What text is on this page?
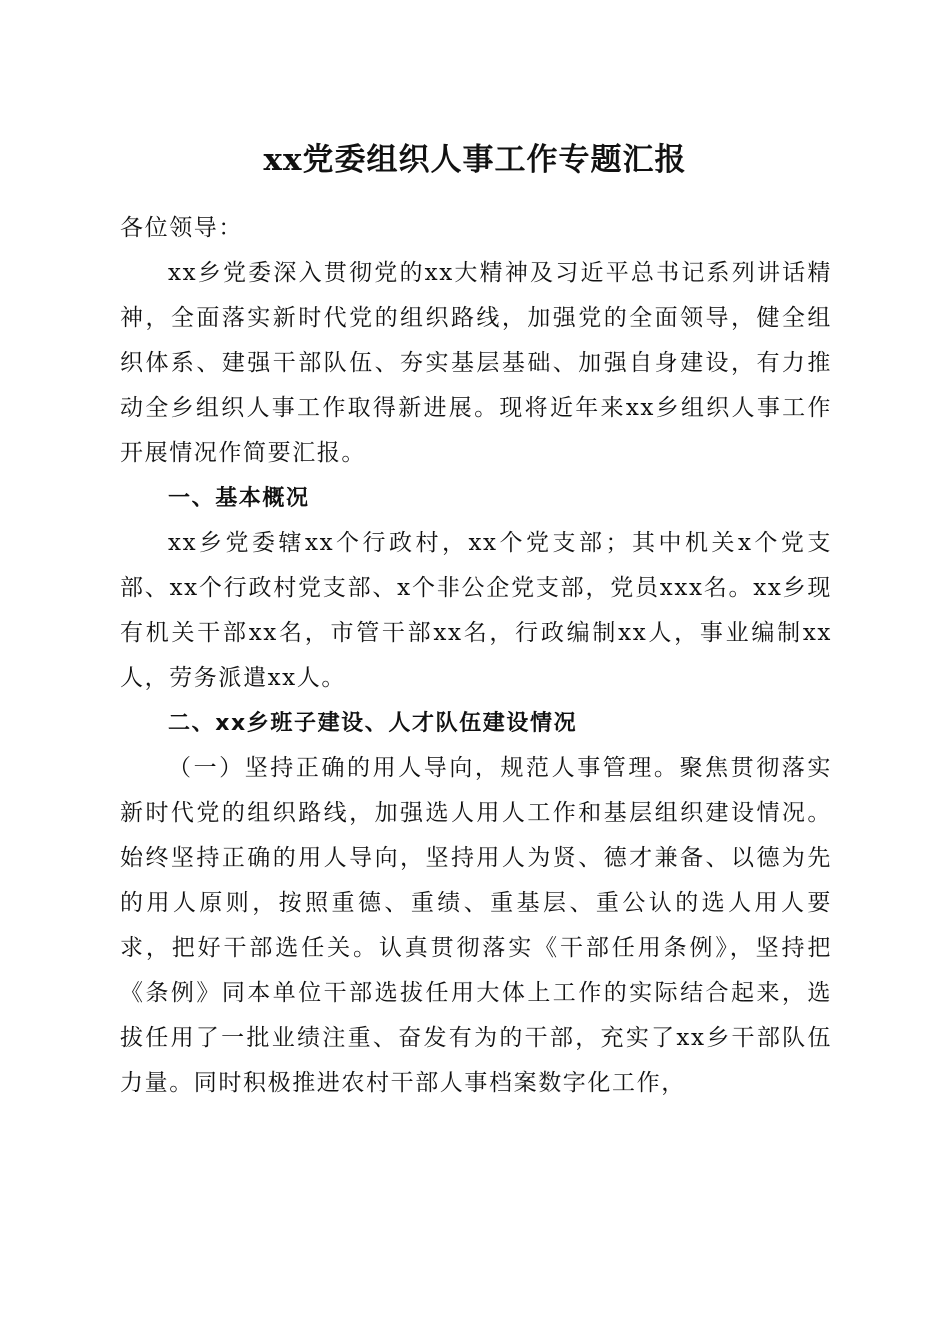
xx党委组织人事工作专题汇报

各位领导：

xx乡党委深入贯彻党的xx大精神及习近平总书记系列讲话精神，全面落实新时代党的组织路线，加强党的全面领导，健全组织体系、建强干部队伍、夯实基层基础、加强自身建设，有力推动全乡组织人事工作取得新进展。现将近年来xx乡组织人事工作开展情况作简要汇报。

一、基本概况

xx乡党委辖xx个行政村，xx个党支部；其中机关x个党支部、xx个行政村党支部、x个非公企党支部，党员xxx名。xx乡现有机关干部xx名，市管干部xx名，行政编制xx人，事业编制xx人，劳务派遣xx人。

二、xx乡班子建设、人才队伍建设情况

（一）坚持正确的用人导向，规范人事管理。聚焦贯彻落实新时代党的组织路线，加强选人用人工作和基层组织建设情况。始终坚持正确的用人导向，坚持用人为贤、德才兼备、以德为先的用人原则，按照重德、重绩、重基层、重公认的选人用人要求，把好干部选任关。认真贯彻落实《干部任用条例》，坚持把《条例》同本单位干部选拔任用大体上工作的实际结合起来，选拔任用了一批业绩注重、奋发有为的干部，充实了xx乡干部队伍力量。同时积极推进农村干部人事档案数字化工作，
